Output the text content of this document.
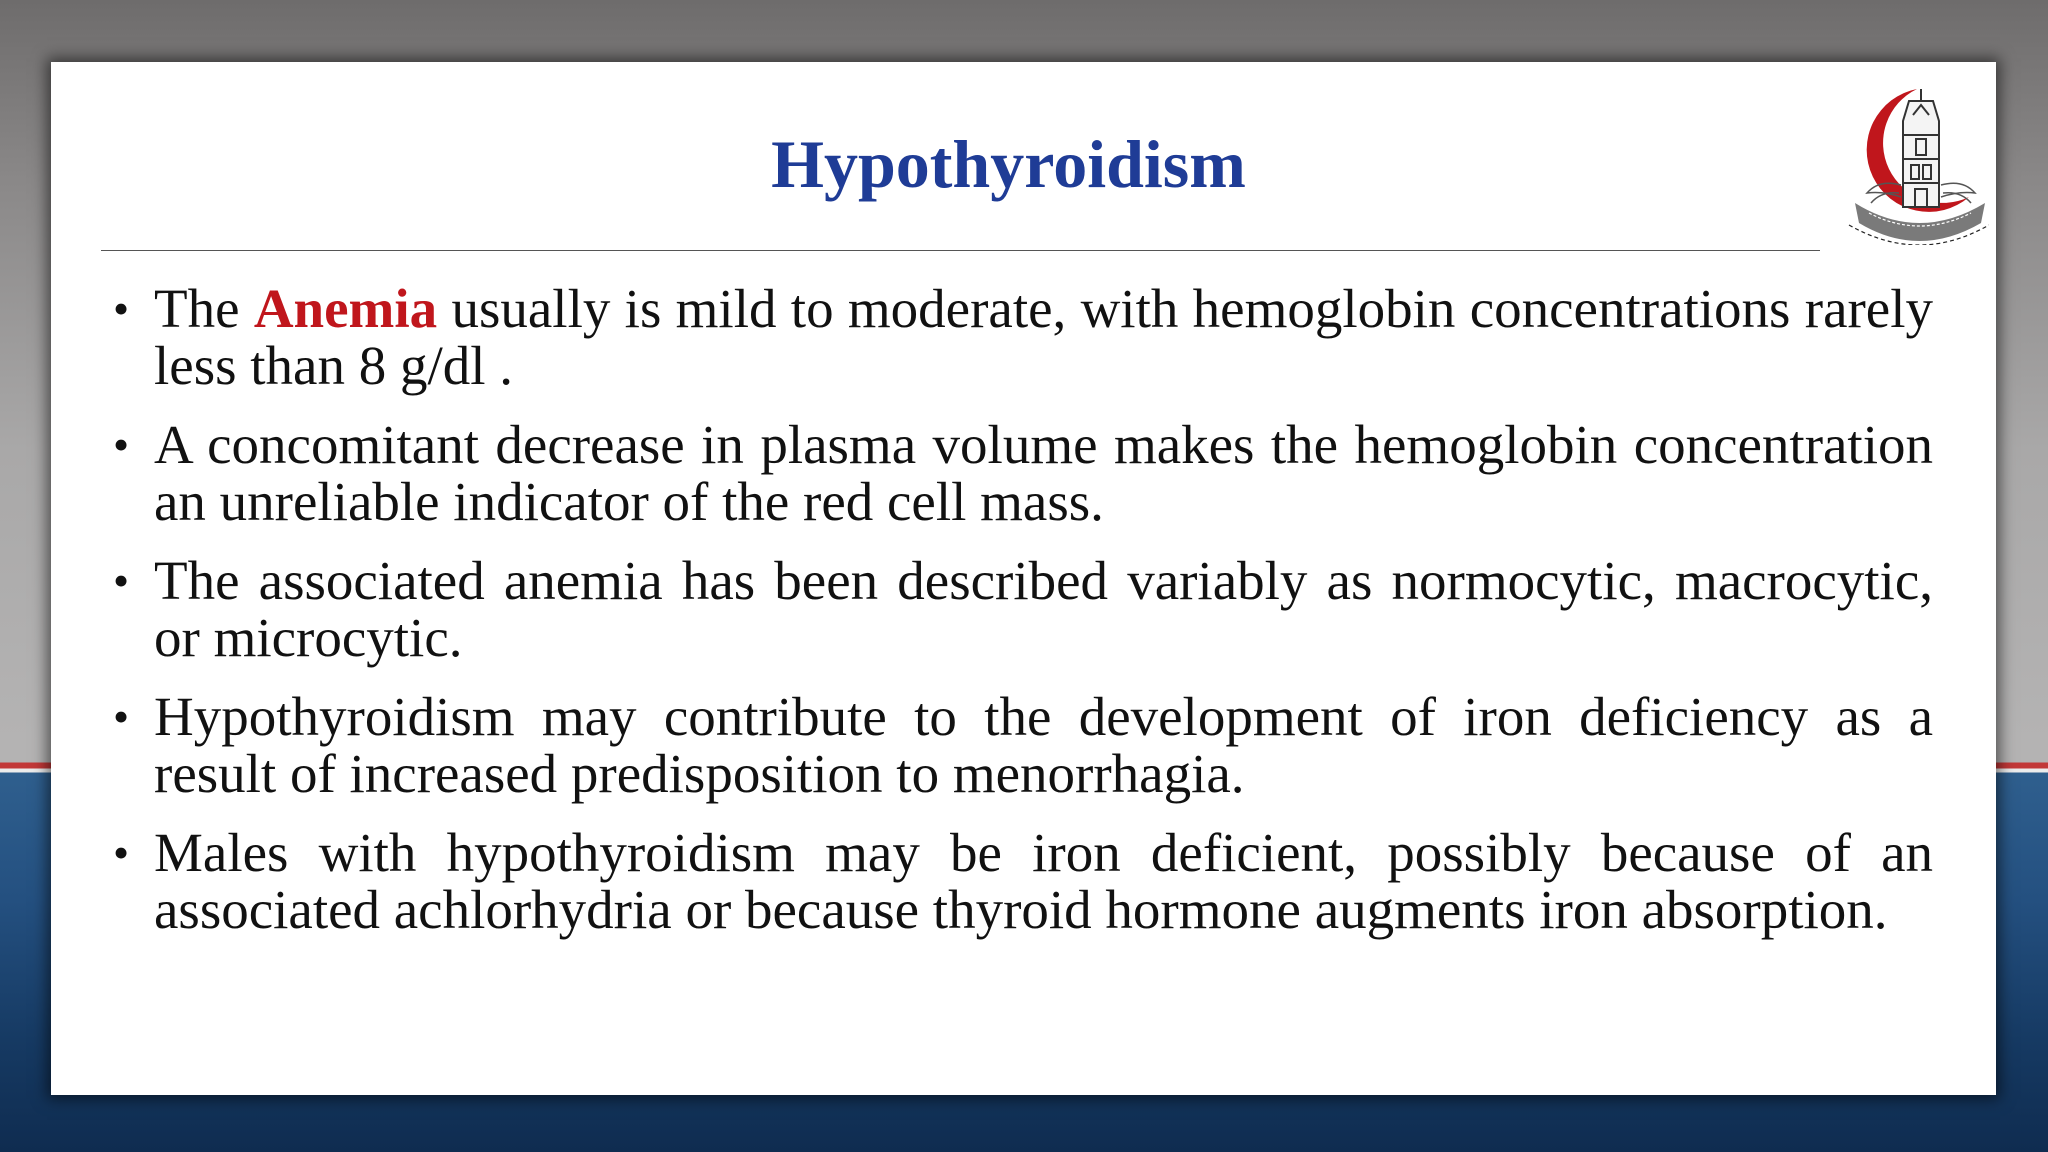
Hypothyroidism
• The Anemia usually is mild to moderate, with hemoglobin concentrations rarely less than 8 g/dl .
• A concomitant decrease in plasma volume makes the hemoglobin concentration an unreliable indicator of the red cell mass.
• The associated anemia has been described variably as normocytic, macrocytic, or microcytic.
• Hypothyroidism may contribute to the development of iron deficiency as a result of increased predisposition to menorrhagia.
• Males with hypothyroidism may be iron deficient, possibly because of an associated achlorhydria or because thyroid hormone augments iron absorption.
